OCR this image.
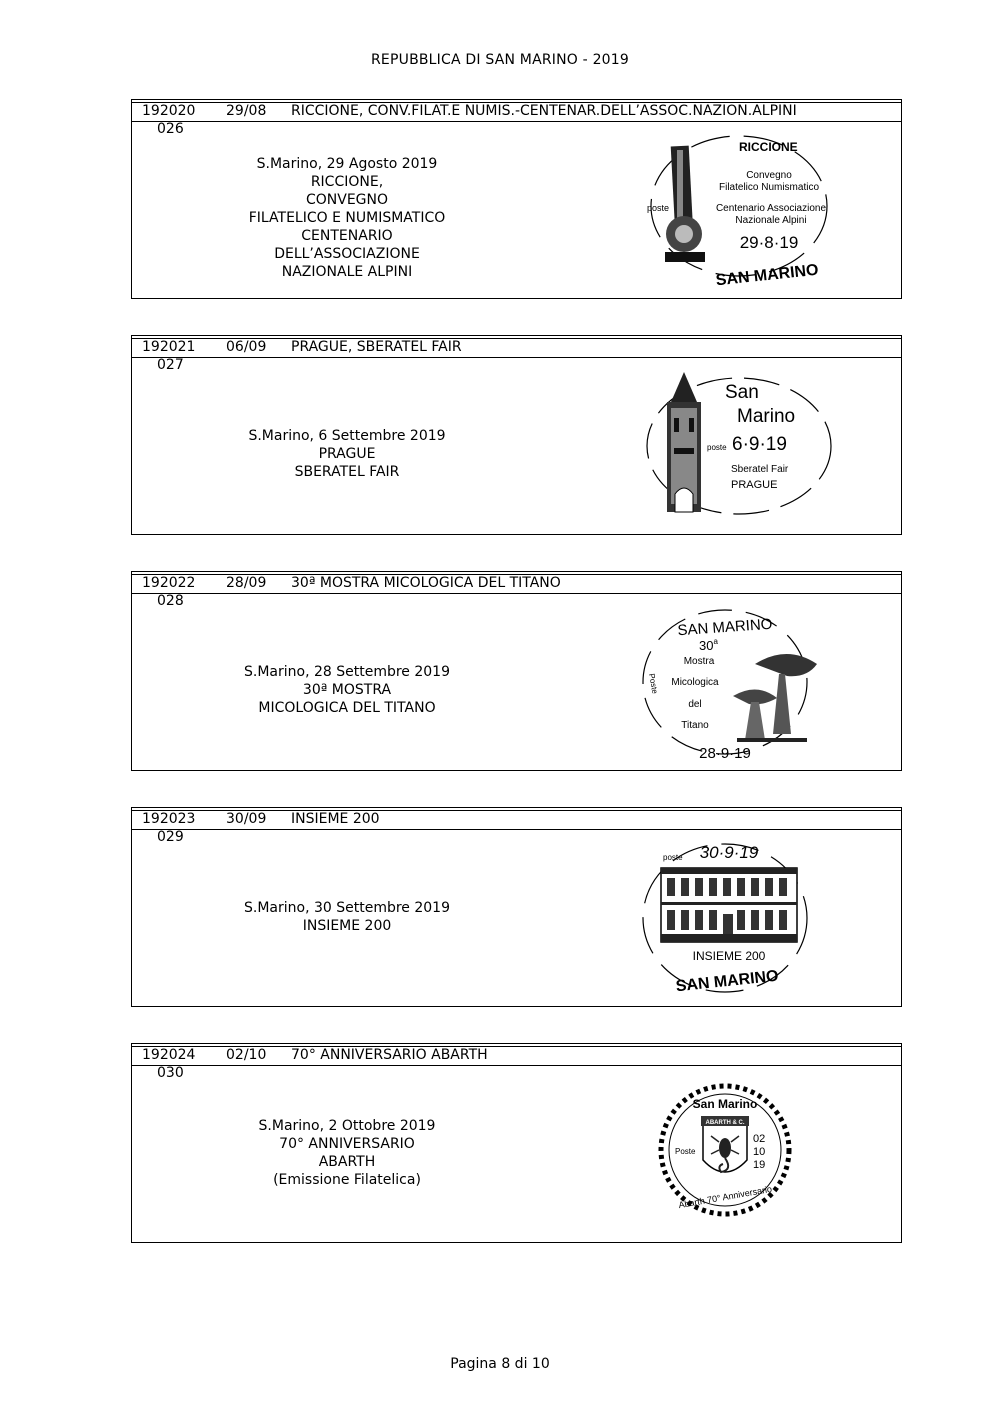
REPUBBLICA DI SAN MARINO - 2019
192020 29/08 RICCIONE, CONV.FILAT.E NUMIS.-CENTENAR.DELL’ASSOC.NAZION.ALPINI
026
S.Marino, 29 Agosto 2019
RICCIONE,
CONVEGNO
FILATELICO E NUMISMATICO
CENTENARIO
DELL’ASSOCIAZIONE
NAZIONALE ALPINI
RICCIONE
Convegno
Filatelico Numismatico
Centenario Associazione
Nazionale Alpini
poste
29·8·19
SAN MARINO
192021 06/09 PRAGUE, SBERATEL FAIR
027
S.Marino, 6 Settembre 2019
PRAGUE
SBERATEL FAIR
poste
San
Marino
6·9·19
Sberatel Fair
PRAGUE
192022 28/09 30ª MOSTRA MICOLOGICA DEL TITANO
028
S.Marino, 28 Settembre 2019
30ª MOSTRA
MICOLOGICA DEL TITANO
SAN MARINO
30$^a$
Mostra
Micologica
del
Titano
Poste
28·9·19
192023 30/09 INSIEME 200
029
S.Marino, 30 Settembre 2019
INSIEME 200
poste 30·9·19
INSIEME 200
SAN MARINO
192024 02/10 70° ANNIVERSARIO ABARTH
030
S.Marino, 2 Ottobre 2019
70° ANNIVERSARIO
ABARTH
(Emissione Filatelica)
San Marino
ABARTH & C.
Poste
02
10
19
Abarth 70° Anniversario
Pagina 8 di 10
